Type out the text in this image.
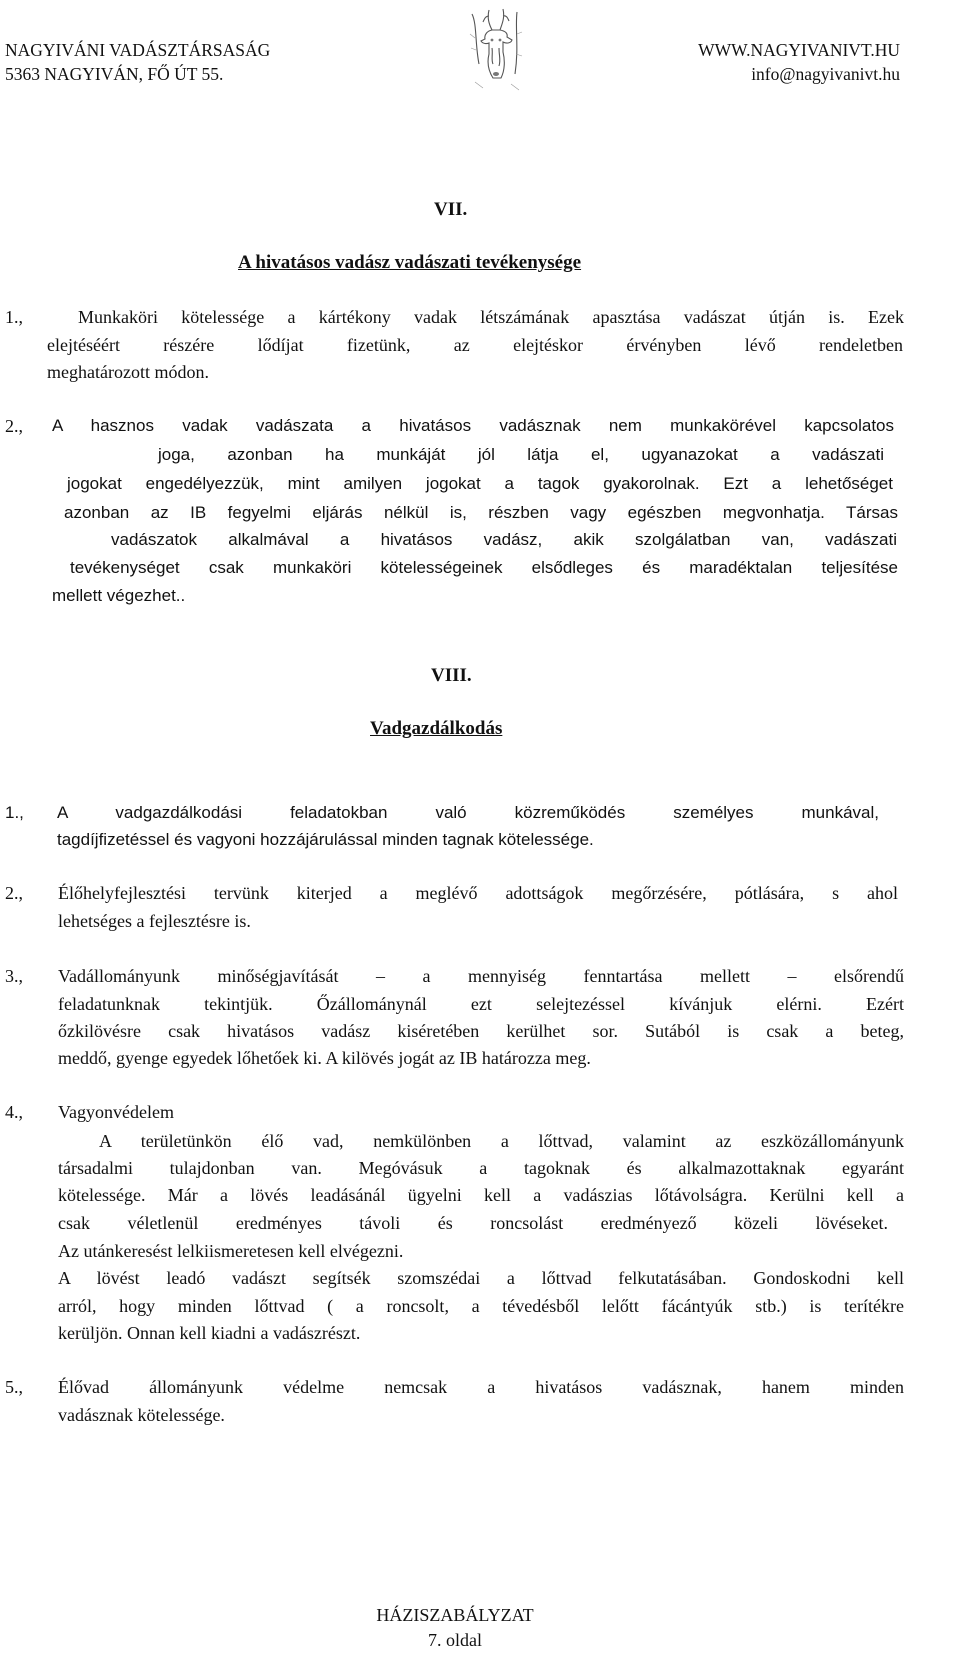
NAGYIVÁNI VADÁSZTÁRSASÁG
5363 NAGYIVÁN, FŐ ÚT 55.
WWW.NAGYIVANIVT.HU
info@nagyivanivt.hu
VII.
A hivatásos vadász vadászati tevékenysége
1.,	Munkaköri kötelessége a kártékony vadak létszámának apasztása vadászat útján is. Ezek
elejtéséért részére lődíjat fizetünk, az elejtéskor érvényben lévő rendeletben
meghatározott módon.
2., A hasznos vadak vadászata a hivatásos vadásznak nem munkakörével kapcsolatos
joga, azonban ha munkáját jól látja el, ugyanazokat a vadászati
jogokat engedélyezzük, mint amilyen jogokat a tagok gyakorolnak. Ezt a lehetőséget
azonban az IB fegyelmi eljárás nélkül is, részben vagy egészben megvonhatja. Társas
vadászatok alkalmával a hivatásos vadász, akik szolgálatban van, vadászati
tevékenységet csak munkaköri kötelességeinek elsődleges és maradéktalan teljesítése
mellett végezhet..
VIII.
Vadgazdálkodás
1., A vadgazdálkodási feladatokban való közreműködés személyes munkával,
tagdíjfizetéssel és vagyoni hozzájárulással minden tagnak kötelessége.
2., Élőhelyfejlesztési tervünk kiterjed a meglévő adottságok megőrzésére, pótlására, s ahol
lehetséges a fejlesztésre is.
3., Vadállományunk minőségjavítását – a mennyiség fenntartása mellett – elsőrendű
feladatunknak tekintjük. Őzállománynál ezt selejtezéssel kívánjuk elérni. Ezért
őzkilövésre csak hivatásos vadász kiséretében kerülhet sor. Sutából is csak a beteg,
meddő, gyenge egyedek lőhetőek ki. A kilövés jogát az IB határozza meg.
4., Vagyonvédelem
A területünkön élő vad, nemkülönben a lőttvad, valamint az eszközállományunk
társadalmi tulajdonban van. Megóvásuk a tagoknak és alkalmazottaknak egyaránt
kötelessége. Már a lövés leadásánál ügyelni kell a vadászias lőtávolságra. Kerülni kell a
csak véletlenül eredményes távoli és roncsolást eredményező közeli lövéseket.
Az utánkeresést lelkiismeretesen kell elvégezni.
A lövést leadó vadászt segítsék szomszédai a lőttvad felkutatásában. Gondoskodni kell
arról, hogy minden lőttvad ( a roncsolt, a tévedésből lelőtt fácántyúk stb.) is terítékre
kerüljön. Onnan kell kiadni a vadászrészt.
5., Élővad állományunk védelme nemcsak a hivatásos vadásznak, hanem minden
vadásznak kötelessége.
HÁZISZABÁLYZAT
7. oldal
